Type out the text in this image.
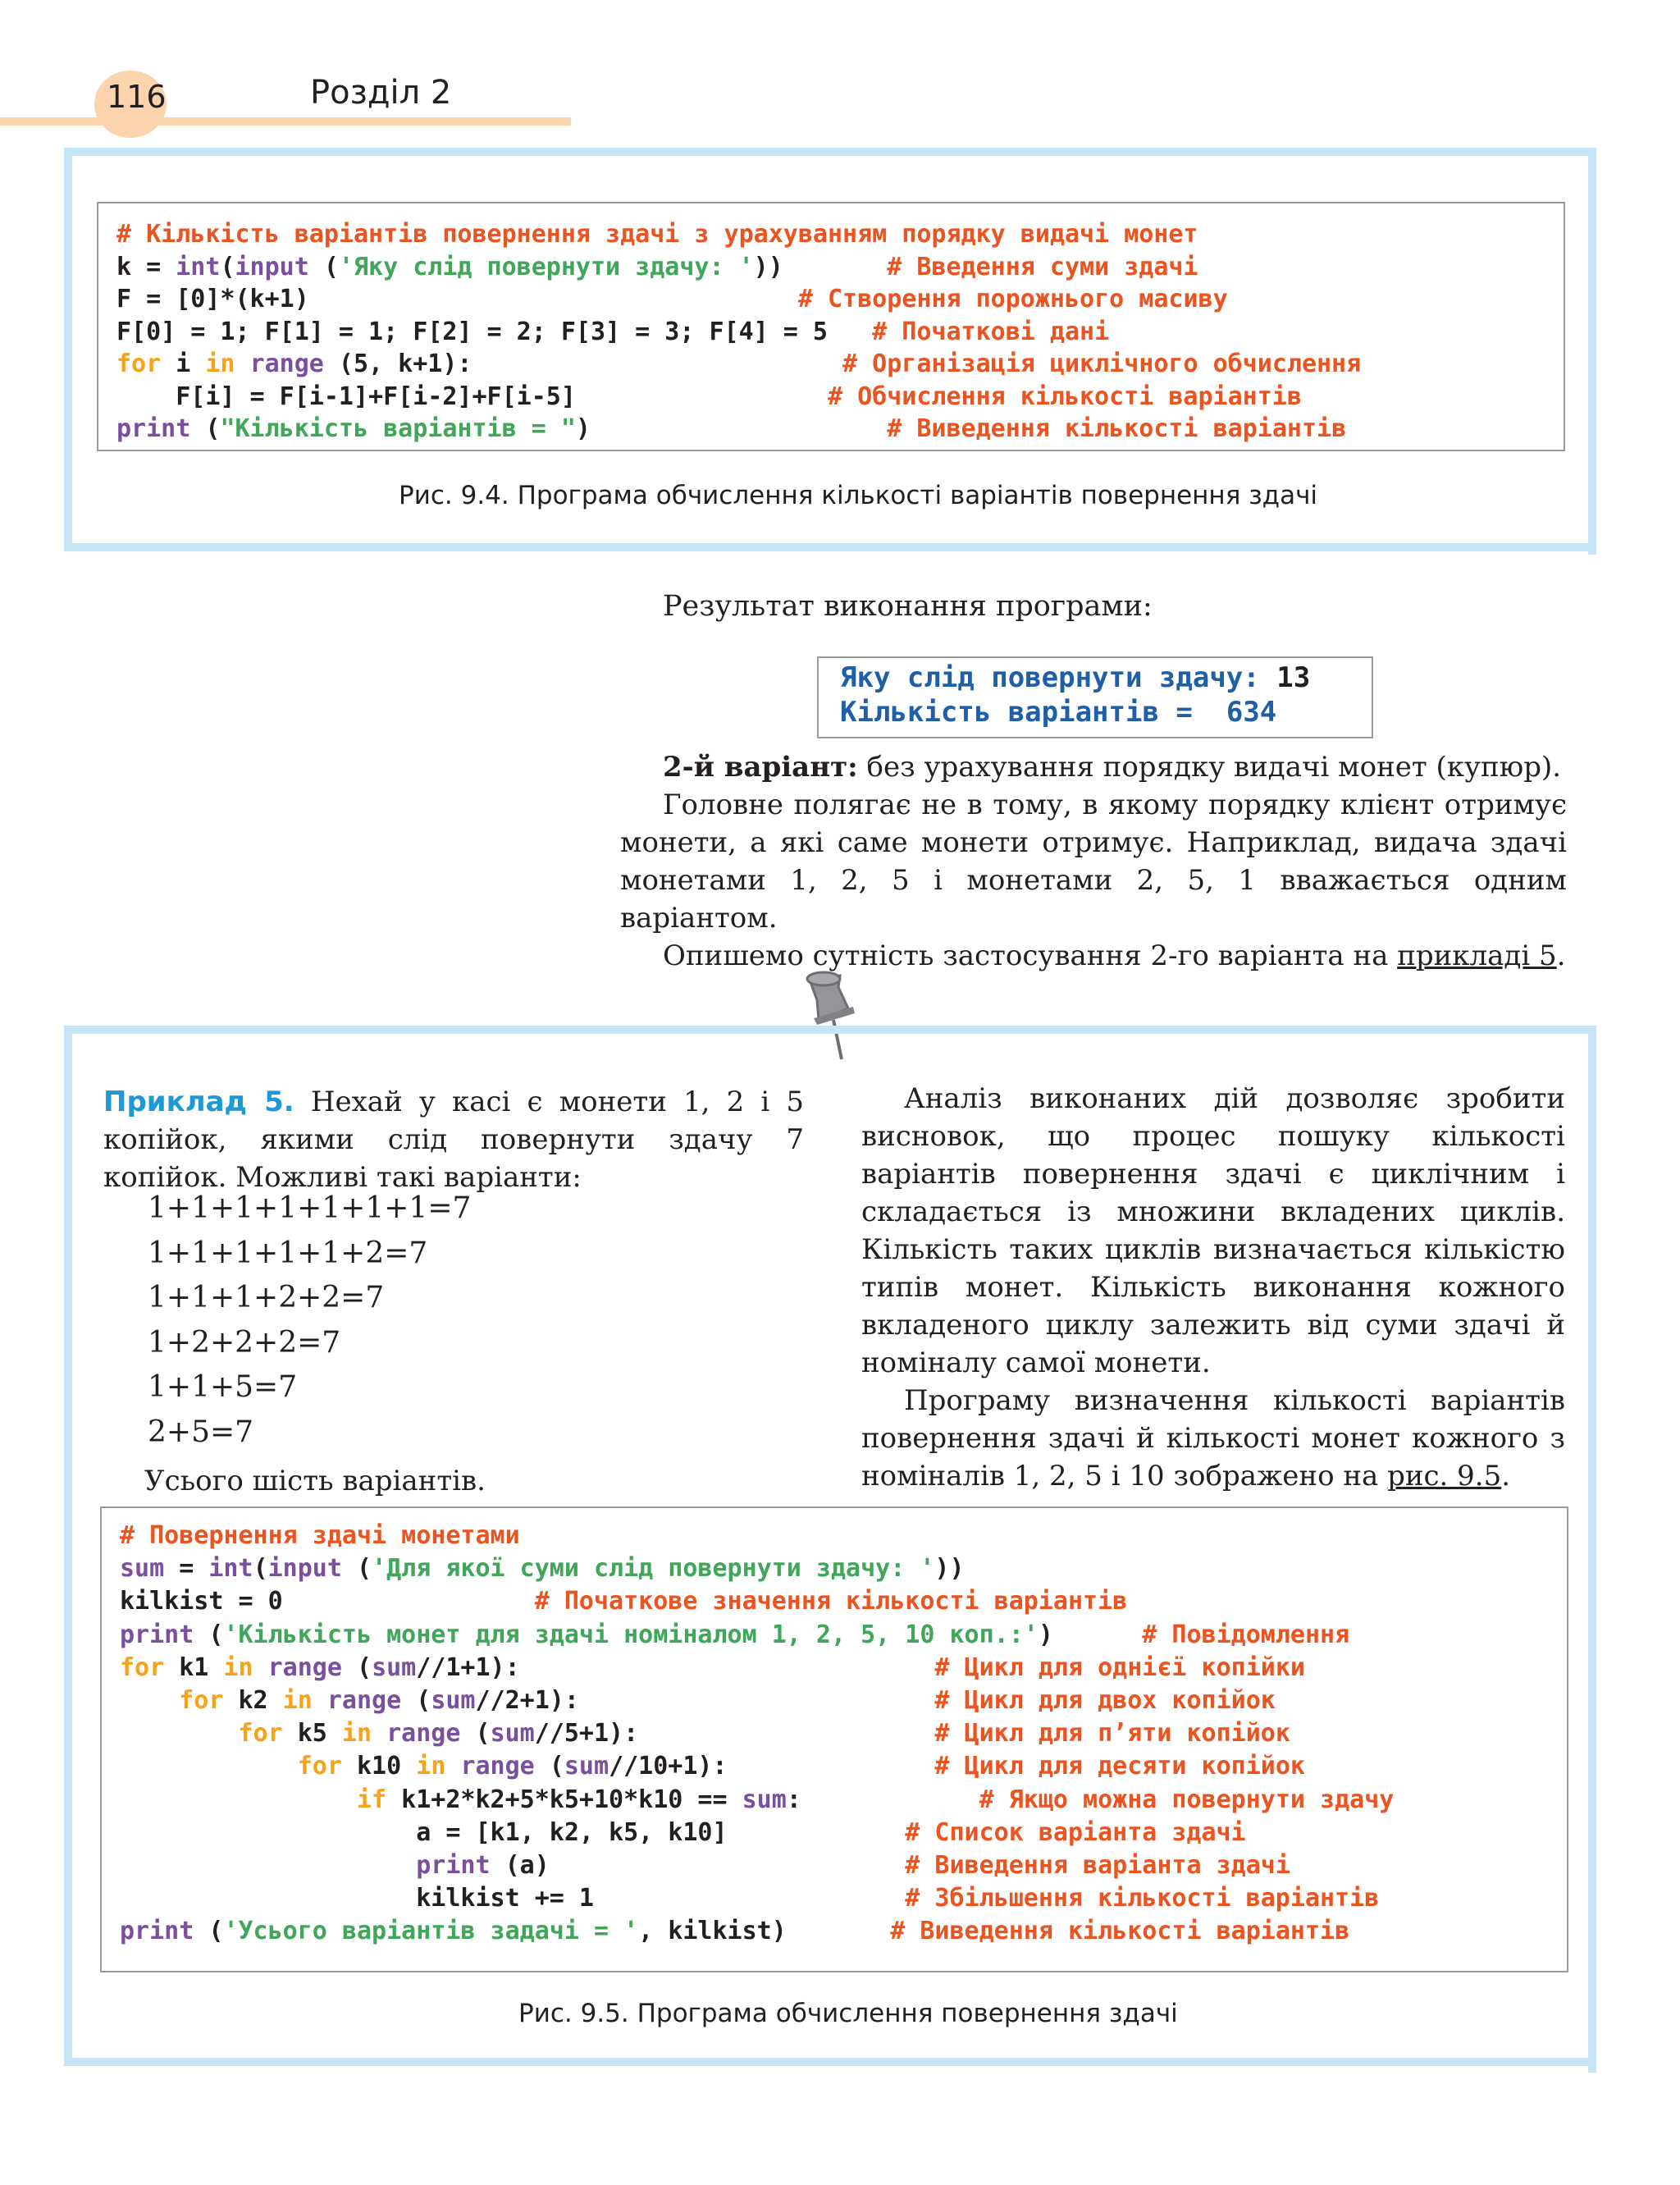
116	Розділ 2
# Кількість варіантів повернення здачі з урахуванням порядку видачі монет
k = int(input ('Яку слід повернути здачу: '))       # Введення суми здачі
F = [0]*(k+1)                                 # Створення порожнього масиву
F[0] = 1; F[1] = 1; F[2] = 2; F[3] = 3; F[4] = 5   # Початкові дані
for i in range (5, k+1):                         # Організація циклічного обчислення
F[i] = F[i-1]+F[i-2]+F[i-5]                 # Обчислення кількості варіантів
print ("Кількість варіантів = ")                    # Виведення кількості варіантів
Рис. 9.4. Програма обчислення кількості варіантів повернення здачі
Результат виконання програми:
Яку слід повернути здачу: 13
Кількість варіантів = 634

2-й варіант: без урахування порядку видачі монет (купюр).

Головне полягає не в тому, в якому порядку клієнт отримує монети, а які саме монети отримує. Наприклад, видача здачі монетами 1, 2, 5 і монетами 2, 5, 1 вважається одним варіантом.

Опишемо сутність застосування 2-го варіанта на прикладі 5.

Приклад 5. Нехай у касі є монети 1, 2 і 5 копійок, якими слід повернути здачу 7 копійок. Можливі такі варіанти:

1+1+1+1+1+1+1=7
1+1+1+1+1+2=7
1+1+1+2+2=7
1+2+2+2=7
1+1+5=7
2+5=7
Усього шість варіантів.

Аналіз виконаних дій дозволяє зробити висновок, що процес пошуку кількості варіантів повернення здачі є циклічним і складається із множини вкладених циклів. Кількість таких циклів визначається кількістю типів монет. Кількість виконання кожного вкладеного циклу залежить від суми здачі й номіналу самої монети.

Програму визначення кількості варіантів повернення здачі й кількості монет кожного з номіналів 1, 2, 5 і 10 зображено на рис. 9.5.

# Повернення здачі монетами
sum = int(input ('Для якої суми слід повернути здачу: '))
kilkist = 0                 # Початкове значення кількості варіантів
print ('Кількість монет для здачі номіналом 1, 2, 5, 10 коп.:')      # Повідомлення
for k1 in range (sum//1+1):                            # Цикл для однієї копійки
for k2 in range (sum//2+1):                        # Цикл для двох копійок
for k5 in range (sum//5+1):                    # Цикл для п’яти копійок
for k10 in range (sum//10+1):              # Цикл для десяти копійок
if k1+2*k2+5*k5+10*k10 == sum:            # Якщо можна повернути здачу
a = [k1, k2, k5, k10]            # Список варіанта здачі
print (a)                        # Виведення варіанта здачі
kilkist += 1                     # Збільшення кількості варіантів
print ('Усього варіантів задачі = ', kilkist)       # Виведення кількості варіантів
Рис. 9.5. Програма обчислення повернення здачі
